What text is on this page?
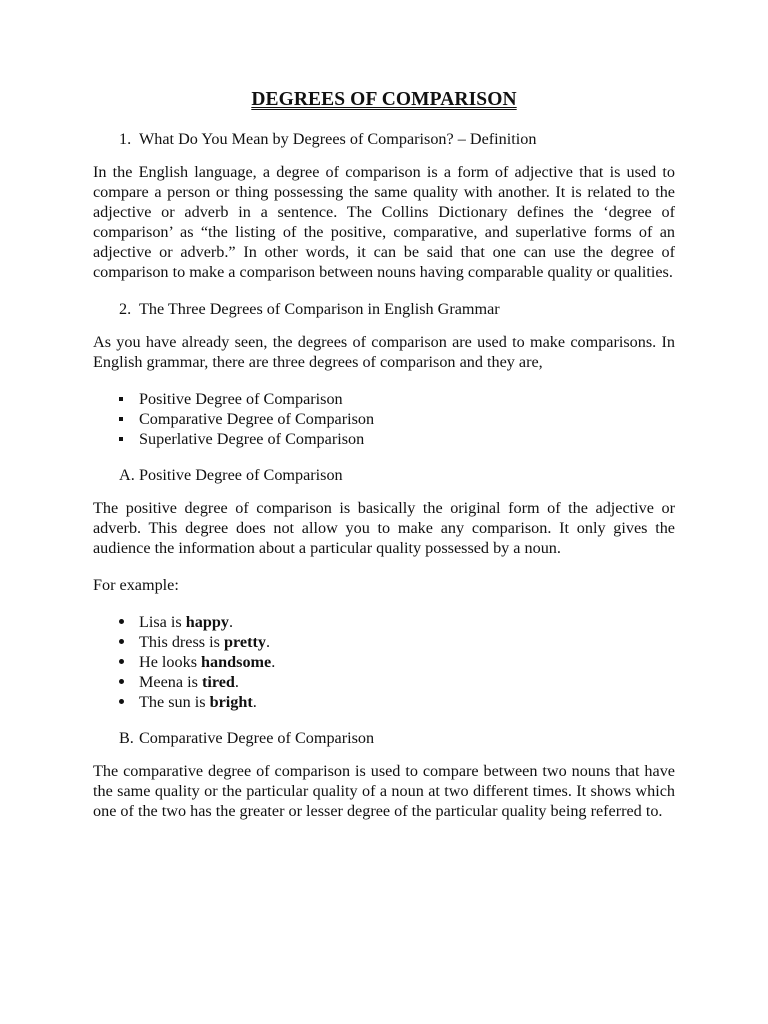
DEGREES OF COMPARISON
1. What Do You Mean by Degrees of Comparison? – Definition

In the English language, a degree of comparison is a form of adjective that is used to compare a person or thing possessing the same quality with another. It is related to the adjective or adverb in a sentence. The Collins Dictionary defines the ‘degree of comparison’ as “the listing of the positive, comparative, and superlative forms of an adjective or adverb.” In other words, it can be said that one can use the degree of comparison to make a comparison between nouns having comparable quality or qualities.

2. The Three Degrees of Comparison in English Grammar

As you have already seen, the degrees of comparison are used to make comparisons. In English grammar, there are three degrees of comparison and they are,

Positive Degree of Comparison
Comparative Degree of Comparison
Superlative Degree of Comparison
A. Positive Degree of Comparison

The positive degree of comparison is basically the original form of the adjective or adverb. This degree does not allow you to make any comparison. It only gives the audience the information about a particular quality possessed by a noun.

For example:

Lisa is happy.
This dress is pretty.
He looks handsome.
Meena is tired.
The sun is bright.
B. Comparative Degree of Comparison

The comparative degree of comparison is used to compare between two nouns that have the same quality or the particular quality of a noun at two different times. It shows which one of the two has the greater or lesser degree of the particular quality being referred to.
